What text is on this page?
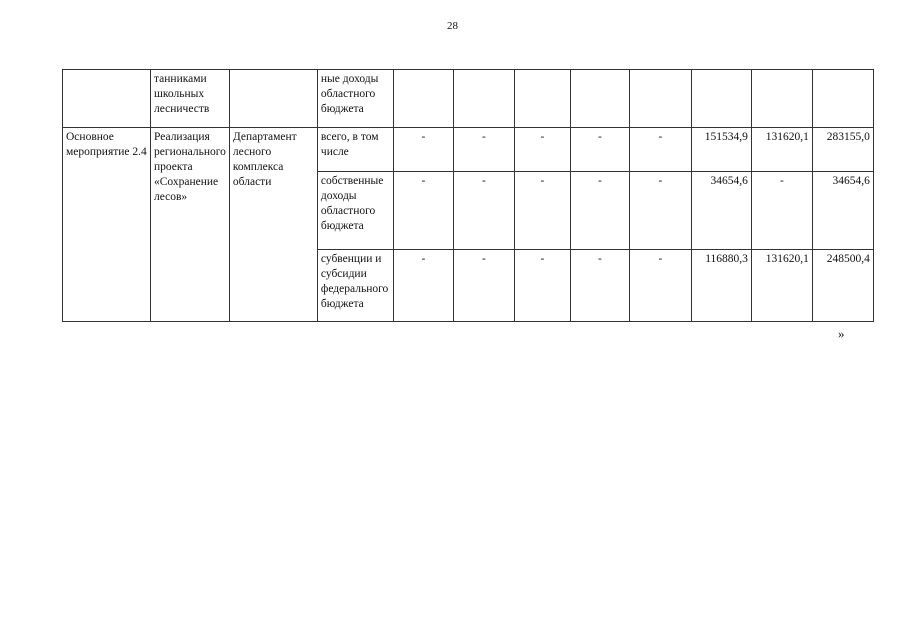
28
	танниками школьных лесничеств		ные доходы областного бюджета								
Основное мероприятие 2.4	Реализация регионального проекта «Сохранение лесов»	Департамент лесного комплекса области	всего, в том числе	-	-	-	-	-	151534,9	131620,1	283155,0
			собственные доходы областного бюджета	-	-	-	-	-	34654,6	-	34654,6
			субвенции и субсидии федерального бюджета	-	-	-	-	-	116880,3	131620,1	248500,4
»
